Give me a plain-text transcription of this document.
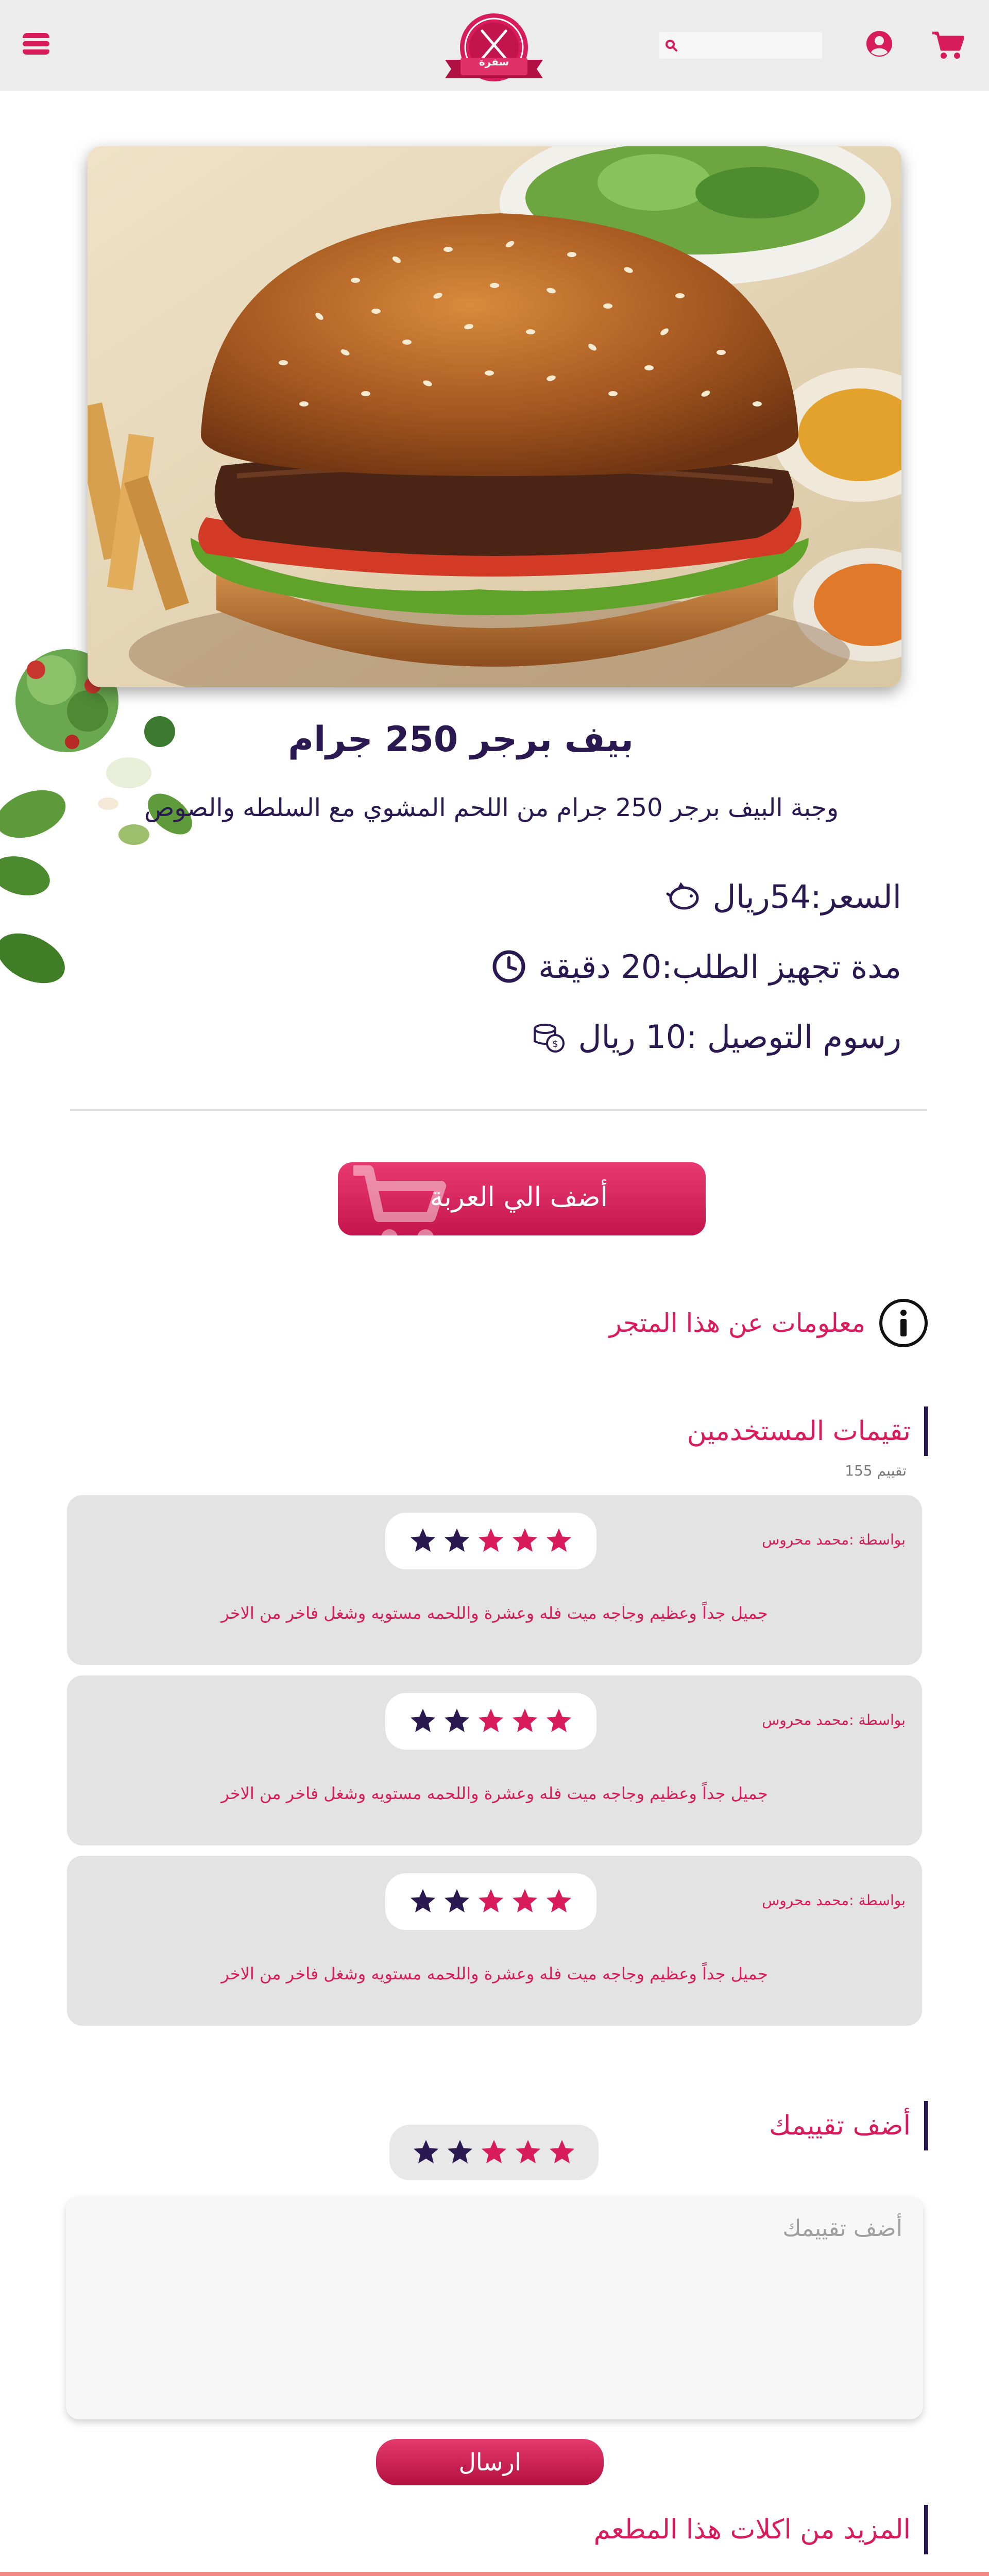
سفرة
بيف برجر 250 جرام
وجبة البيف برجر 250 جرام من اللحم المشوي مع السلطه والصوص
السعر:54ريال
مدة تجهيز الطلب:20 دقيقة
$ رسوم التوصيل :10 ريال
أضف الي العربة
معلومات عن هذا المتجر
تقيمات المستخدمين
تقييم 155
بواسطة :محمد محروس
جميل جداً وعظيم وجاجه ميت فله وعشرة واللحمه مستويه وشغل فاخر من الاخر
بواسطة :محمد محروس
جميل جداً وعظيم وجاجه ميت فله وعشرة واللحمه مستويه وشغل فاخر من الاخر
بواسطة :محمد محروس
جميل جداً وعظيم وجاجه ميت فله وعشرة واللحمه مستويه وشغل فاخر من الاخر
أضف تقييمك
أضف تقييمك
ارسال
المزيد من اكلات هذا المطعم
